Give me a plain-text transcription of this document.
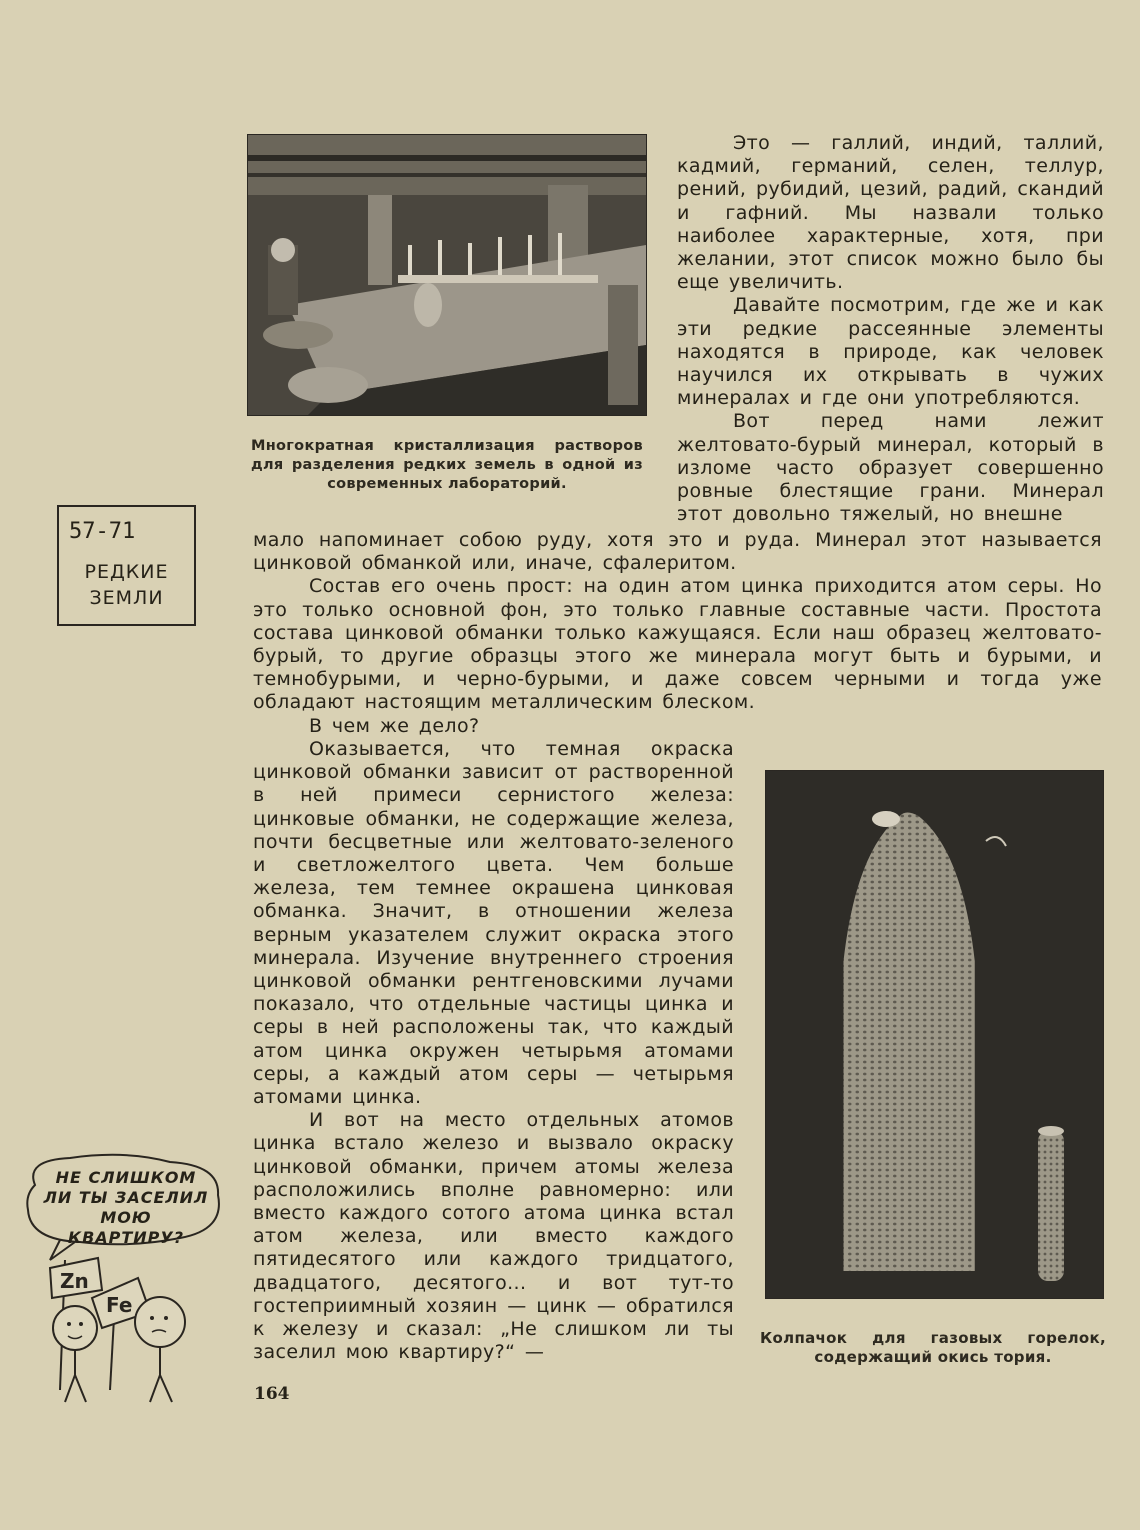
Многократная кристаллизация растворов для разделения редких земель в одной из современных лабораторий.

Это — галлий, индий, таллий, кадмий, германий, селен, теллур, рений, рубидий, цезий, радий, скандий и гафний. Мы назвали только наиболее характерные, хотя, при желании, этот список можно было бы еще увеличить.

Давайте посмотрим, где же и как эти редкие рассеянные элементы находятся в природе, как человек научился их открывать в чужих минералах и где они употребляются.

Вот перед нами лежит желтовато-бурый минерал, который в изломе часто образует совершенно ровные блестящие грани. Минерал этот довольно тяжелый, но внешне

57-71
РЕДКИЕ
ЗЕМЛИ

мало напоминает собою руду, хотя это и руда. Минерал этот называется цинковой обманкой или, иначе, сфалеритом.

Состав его очень прост: на один атом цинка приходится атом серы. Но это только основной фон, это только главные составные части. Простота состава цинковой обманки только кажущаяся. Если наш образец желтовато-бурый, то другие образцы этого же минерала могут быть и бурыми, и темнобурыми, и черно-бурыми, и даже совсем черными и тогда уже обладают настоящим металлическим блеском.

В чем же дело?

Оказывается, что темная окраска цинковой обманки зависит от растворенной в ней примеси сернистого железа: цинковые обманки, не содержащие железа, почти бесцветные или желтовато-зеленого и светложелтого цвета. Чем больше железа, тем темнее окрашена цинковая обманка. Значит, в отношении железа верным указателем служит окраска этого минерала. Изучение внутреннего строения цинковой обманки рентгеновскими лучами показало, что отдельные частицы цинка и серы в ней расположены так, что каждый атом цинка окружен четырьмя атомами серы, а каждый атом серы — четырьмя атомами цинка.

И вот на место отдельных атомов цинка встало железо и вызвало окраску цинковой обманки, причем атомы железа расположились вполне равномерно: или вместо каждого сотого атома цинка встал атом железа, или вместо каждого пятидесятого или каждого тридцатого, двадцатого, десятого... и вот тут-то гостеприимный хозяин — цинк — обратился к железу и сказал: „Не слишком ли ты заселил мою квартиру?“ —

Колпачок для газовых горелок, содержащий окись тория.
Zn
Fe
НЕ СЛИШКОМ ЛИ ТЫ ЗАСЕЛИЛ МОЮ КВАРТИРУ?
164
